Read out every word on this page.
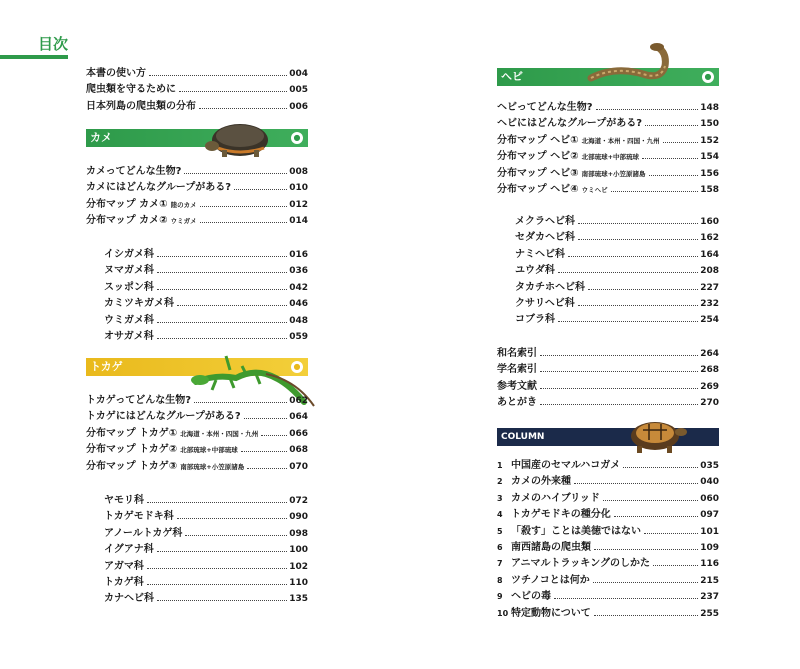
目次
本書の使い方	004
爬虫類を守るために	005
日本列島の爬虫類の分布	006
カメ	●
カメってどんな生物?	008
カメにはどんなグループがある?	010
分布マップ カメ① 陸のカメ	012
分布マップ カメ② ウミガメ	014
イシガメ科	016
ヌマガメ科	036
スッポン科	042
カミツキガメ科	046
ウミガメ科	048
オサガメ科	059
トカゲ	●
トカゲってどんな生物?	062
トカゲにはどんなグループがある?	064
分布マップ トカゲ① 北海道・本州・四国・九州	066
分布マップ トカゲ② 北部琉球+中部琉球	068
分布マップ トカゲ③ 南部琉球+小笠原諸島	070
ヤモリ科	072
トカゲモドキ科	090
アノールトカゲ科	098
イグアナ科	100
アガマ科	102
トカゲ科	110
カナヘビ科	135
ヘビ	●
ヘビってどんな生物?	148
ヘビにはどんなグループがある?	150
分布マップ ヘビ① 北海道・本州・四国・九州	152
分布マップ ヘビ② 北部琉球+中部琉球	154
分布マップ ヘビ③ 南部琉球+小笠原諸島	156
分布マップ ヘビ④ ウミヘビ	158
メクラヘビ科	160
セダカヘビ科	162
ナミヘビ科	164
ユウダ科	208
タカチホヘビ科	227
クサリヘビ科	232
コブラ科	254
和名索引	264
学名索引	268
参考文献	269
あとがき	270
COLUMN
1 中国産のセマルハコガメ	035
2 カメの外来種	040
3 カメのハイブリッド	060
4 トカゲモドキの種分化	097
5 「殺す」ことは美徳ではない	101
6 南西諸島の爬虫類	109
7 アニマルトラッキングのしかた	116
8 ツチノコとは何か	215
9 ヘビの毒	237
10 特定動物について	255
